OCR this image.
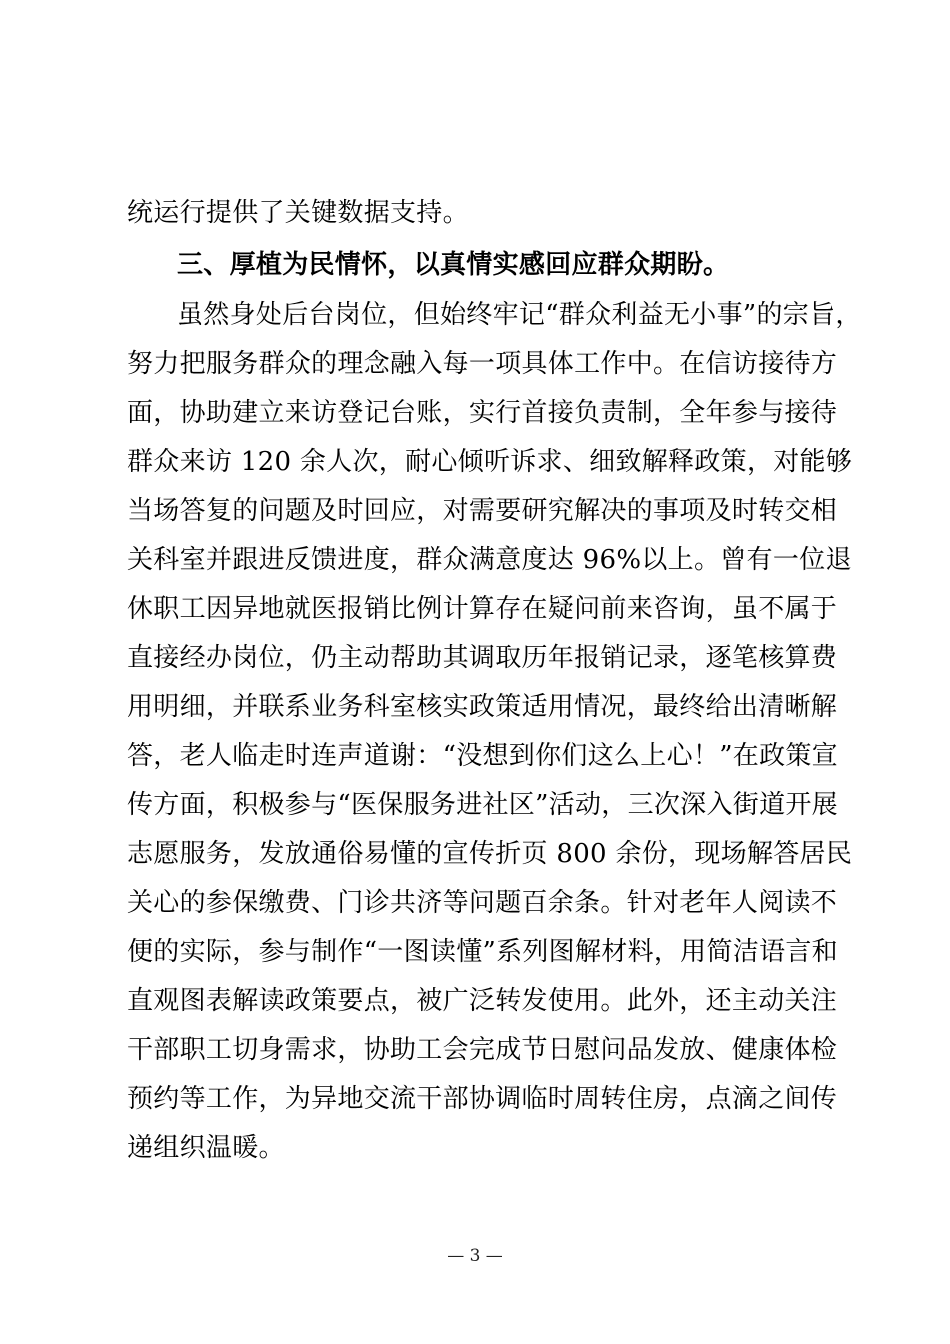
统运行提供了关键数据支持。
三、厚植为民情怀，以真情实感回应群众期盼。
虽然身处后台岗位，但始终牢记“群众利益无小事”的宗旨，
努力把服务群众的理念融入每一项具体工作中。在信访接待方
面，协助建立来访登记台账，实行首接负责制，全年参与接待
群众来访 120 余人次，耐心倾听诉求、细致解释政策，对能够
当场答复的问题及时回应，对需要研究解决的事项及时转交相
关科室并跟进反馈进度，群众满意度达 96%以上。曾有一位退
休职工因异地就医报销比例计算存在疑问前来咨询，虽不属于
直接经办岗位，仍主动帮助其调取历年报销记录，逐笔核算费
用明细，并联系业务科室核实政策适用情况，最终给出清晰解
答，老人临走时连声道谢：“没想到你们这么上心！”在政策宣
传方面，积极参与“医保服务进社区”活动，三次深入街道开展
志愿服务，发放通俗易懂的宣传折页 800 余份，现场解答居民
关心的参保缴费、门诊共济等问题百余条。针对老年人阅读不
便的实际，参与制作“一图读懂”系列图解材料，用简洁语言和
直观图表解读政策要点，被广泛转发使用。此外，还主动关注
干部职工切身需求，协助工会完成节日慰问品发放、健康体检
预约等工作，为异地交流干部协调临时周转住房，点滴之间传
递组织温暖。
— 3 —
